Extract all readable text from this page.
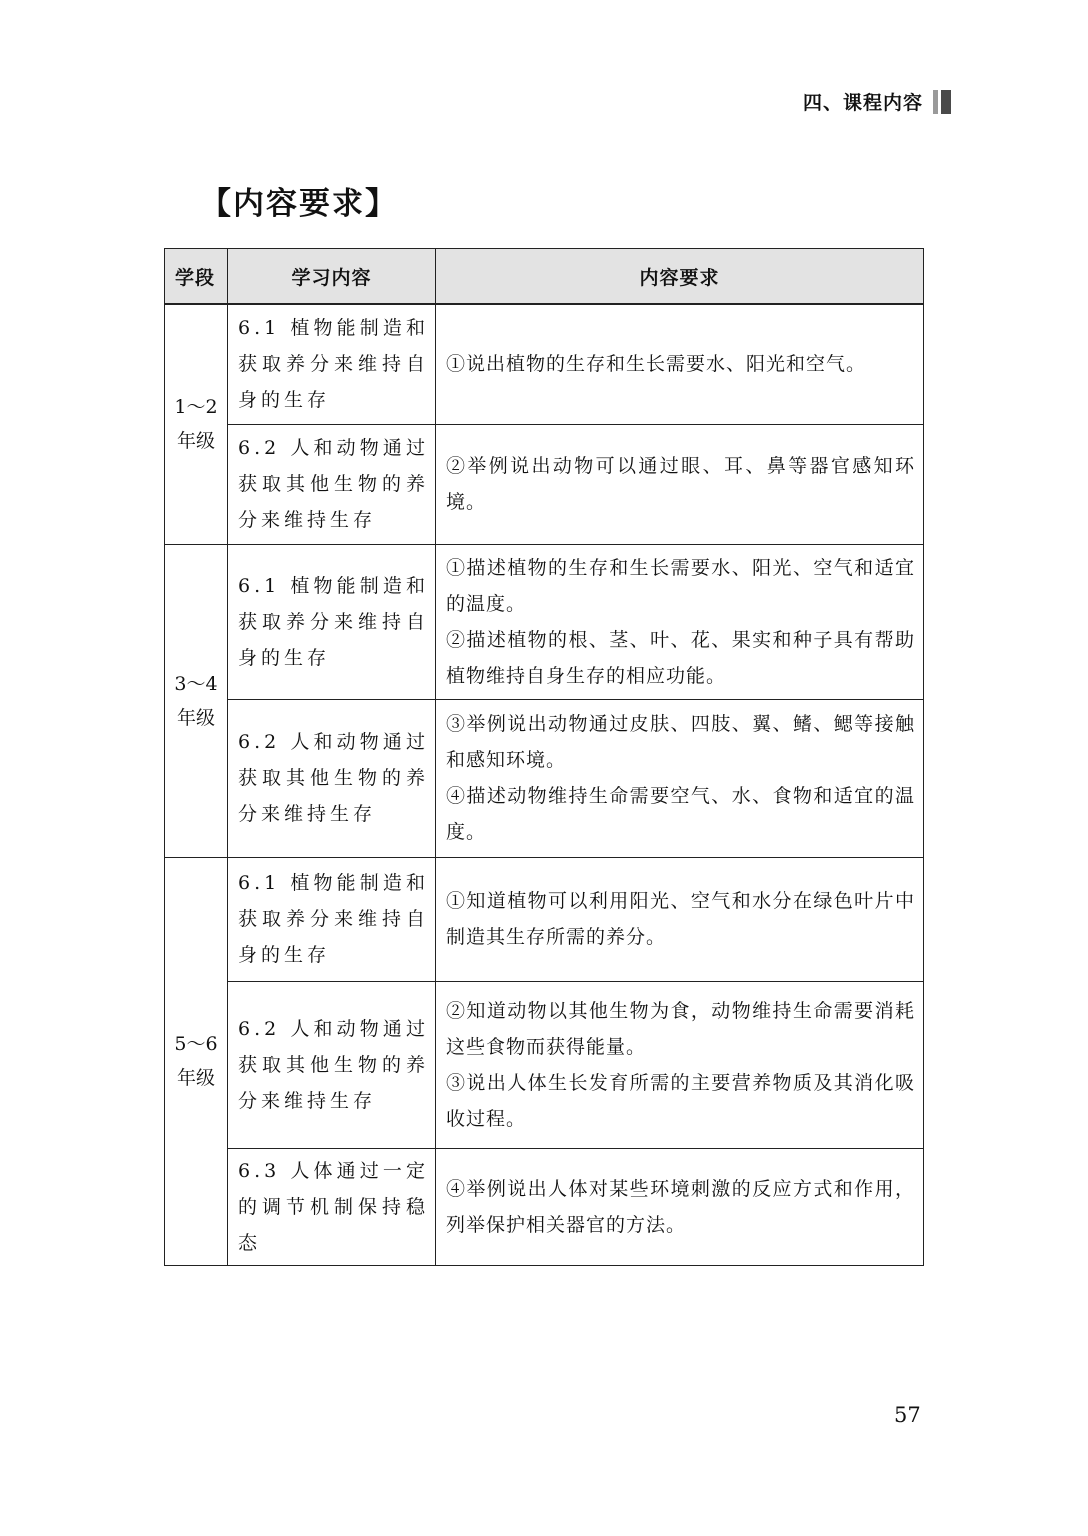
四、课程内容
【内容要求】
学段	学习内容	内容要求
1～2
年级	6.1 植物能制造和获取养分来维持自身的生存	①说出植物的生存和生长需要水、阳光和空气。

	6.2 人和动物通过获取其他生物的养分来维持生存	②举例说出动物可以通过眼、耳、鼻等器官感知环境。

3～4
年级	6.1 植物能制造和获取养分来维持自身的生存	①描述植物的生存和生长需要水、阳光、空气和适宜的温度。
②描述植物的根、茎、叶、花、果实和种子具有帮助植物维持自身生存的相应功能。

	6.2 人和动物通过获取其他生物的养分来维持生存	③举例说出动物通过皮肤、四肢、翼、鳍、鳃等接触和感知环境。
④描述动物维持生命需要空气、水、食物和适宜的温度。

5～6
年级	6.1 植物能制造和获取养分来维持自身的生存	①知道植物可以利用阳光、空气和水分在绿色叶片中制造其生存所需的养分。

	6.2 人和动物通过获取其他生物的养分来维持生存	②知道动物以其他生物为食，动物维持生命需要消耗这些食物而获得能量。
③说出人体生长发育所需的主要营养物质及其消化吸收过程。

	6.3 人体通过一定的调节机制保持稳态	④举例说出人体对某些环境刺激的反应方式和作用，列举保护相关器官的方法。
57
